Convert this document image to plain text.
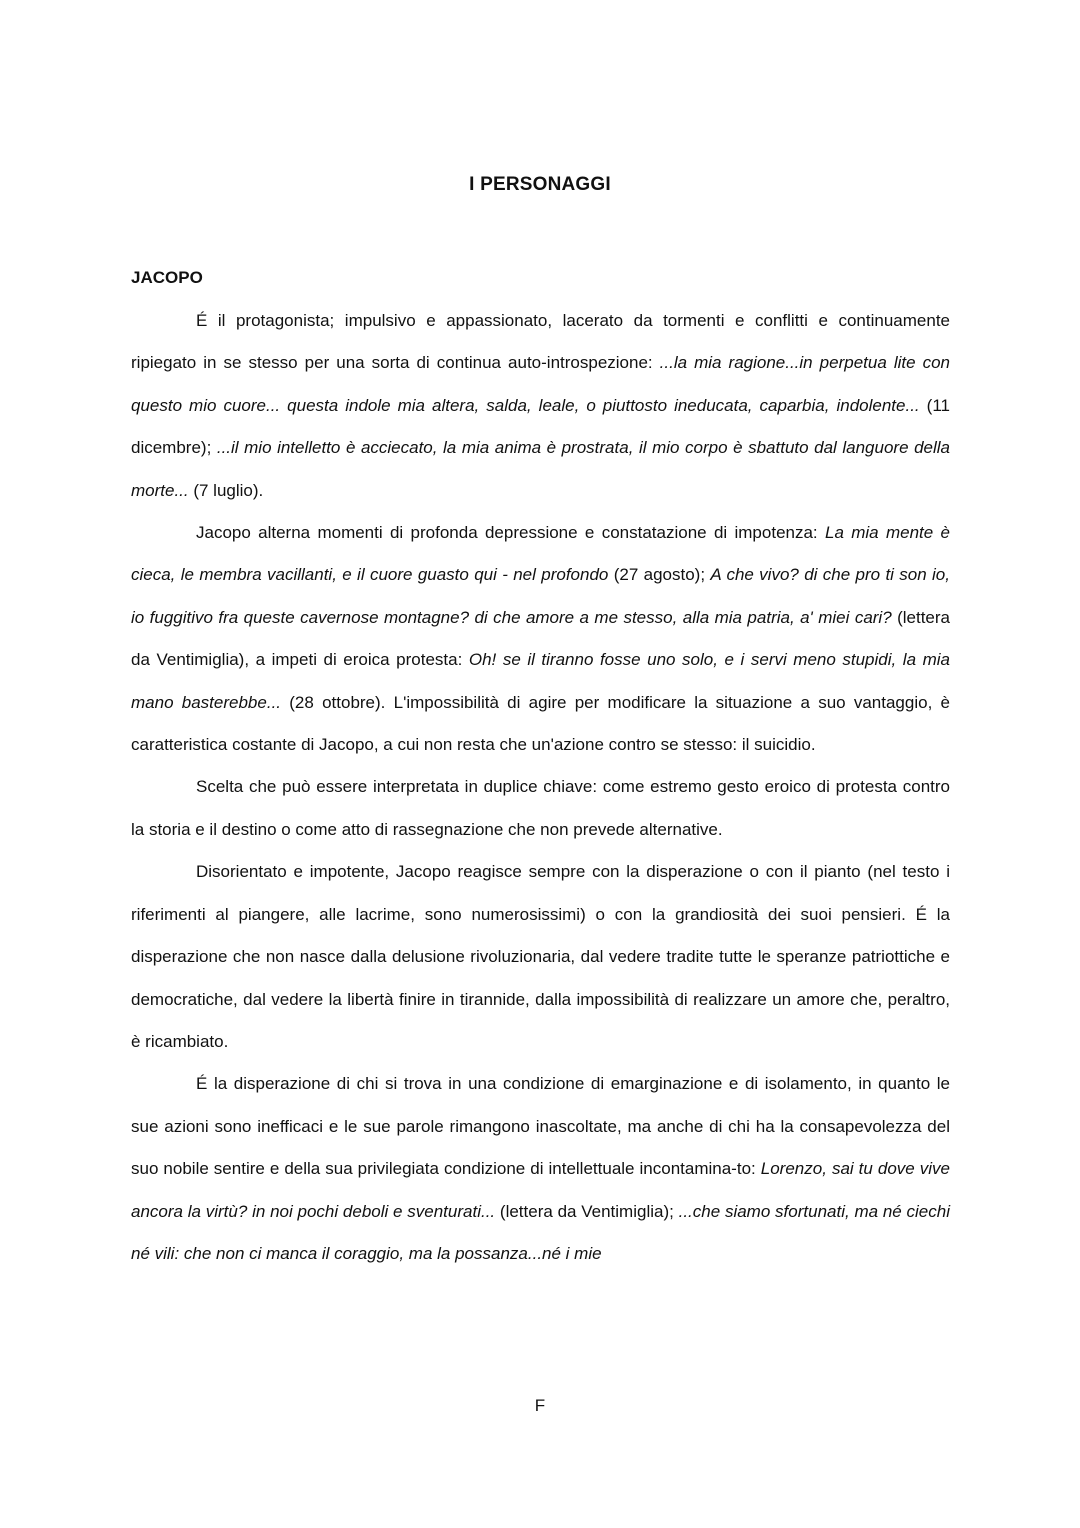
I PERSONAGGI
JACOPO

É il protagonista; impulsivo e appassionato, lacerato da tormenti e conflitti e continuamente ripiegato in se stesso per una sorta di continua auto-introspezione: ...la mia ragione...in perpetua lite con questo mio cuore... questa indole mia altera, salda, leale, o piuttosto ineducata, caparbia, indolente... (11 dicembre); ...il mio intelletto è acciecato, la mia anima è prostrata, il mio corpo è sbattuto dal languore della morte... (7 luglio).

Jacopo alterna momenti di profonda depressione e constatazione di impotenza: La mia mente è cieca, le membra vacillanti, e il cuore guasto qui - nel profondo (27 agosto); A che vivo? di che pro ti son io, io fuggitivo fra queste cavernose montagne? di che amore a me stesso, alla mia patria, a' miei cari? (lettera da Ventimiglia), a impeti di eroica protesta: Oh! se il tiranno fosse uno solo, e i servi meno stupidi, la mia mano basterebbe... (28 ottobre). L'impossibilità di agire per modificare la situazione a suo vantaggio, è caratteristica costante di Jacopo, a cui non resta che un'azione contro se stesso: il suicidio.

Scelta che può essere interpretata in duplice chiave: come estremo gesto eroico di protesta contro la storia e il destino o come atto di rassegnazione che non prevede alternative.

Disorientato e impotente, Jacopo reagisce sempre con la disperazione o con il pianto (nel testo i riferimenti al piangere, alle lacrime, sono numerosissimi) o con la grandiosità dei suoi pensieri. É la disperazione che non nasce dalla delusione rivoluzionaria, dal vedere tradite tutte le speranze patriottiche e democratiche, dal vedere la libertà finire in tirannide, dalla impossibilità di realizzare un amore che, peraltro, è ricambiato.

É la disperazione di chi si trova in una condizione di emarginazione e di isolamento, in quanto le sue azioni sono inefficaci e le sue parole rimangono inascoltate, ma anche di chi ha la consapevolezza del suo nobile sentire e della sua privilegiata condizione di intellettuale incontamina-to: Lorenzo, sai tu dove vive ancora la virtù? in noi pochi deboli e sventurati... (lettera da Ventimiglia); ...che siamo sfortunati, ma né ciechi né vili: che non ci manca il coraggio, ma la possanza...né i mie

F
